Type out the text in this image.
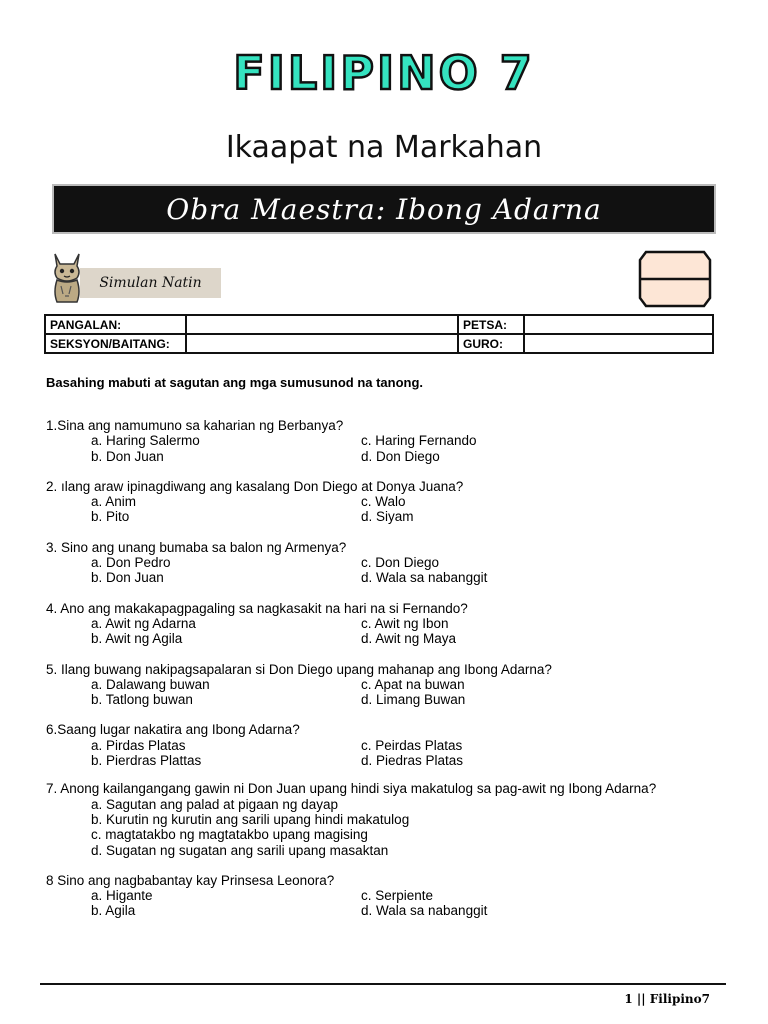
FILIPINO 7
Ikaapat na Markahan
Obra Maestra: Ibong Adarna
Simulan Natin
PANGALAN:		PETSA:	
SEKSYON/BAITANG:		GURO:	
Basahing mabuti at sagutan ang mga sumusunod na tanong.
1.Sina ang namumuno sa kaharian ng Berbanya?
a. Haring Salermo	c. Haring Fernando
b. Don Juan	d. Don Diego
2. ılang araw ipinagdiwang ang kasalang Don Diego at Donya Juana?
a. Anim	c. Walo
b. Pito	d. Siyam
3. Sino ang unang bumaba sa balon ng Armenya?
a. Don Pedro	c. Don Diego
b. Don Juan	d. Wala sa nabanggit
4. Ano ang makakapagpagaling sa nagkasakit na hari na si Fernando?
a. Awit ng Adarna	c. Awit ng Ibon
b. Awit ng Agila	d. Awit ng Maya
5. Ilang buwang nakipagsapalaran si Don Diego upang mahanap ang Ibong Adarna?
a. Dalawang buwan	c. Apat na buwan
b. Tatlong buwan	d. Limang Buwan
6.Saang lugar nakatira ang Ibong Adarna?
a. Pirdas Platas	c. Peirdas Platas
b. Pierdras Plattas	d. Piedras Platas
7. Anong kailangangang gawin ni Don Juan upang hindi siya makatulog sa pag-awit ng Ibong Adarna?
a. Sagutan ang palad at pigaan ng dayap
b. Kurutin ng kurutin ang sarili upang hindi makatulog
c. magtatakbo ng magtatakbo upang magising
d. Sugatan ng sugatan ang sarili upang masaktan
8 Sino ang nagbabantay kay Prinsesa Leonora?
a. Higante	c. Serpiente
b. Agila	d. Wala sa nabanggit
1 || Filipino7
